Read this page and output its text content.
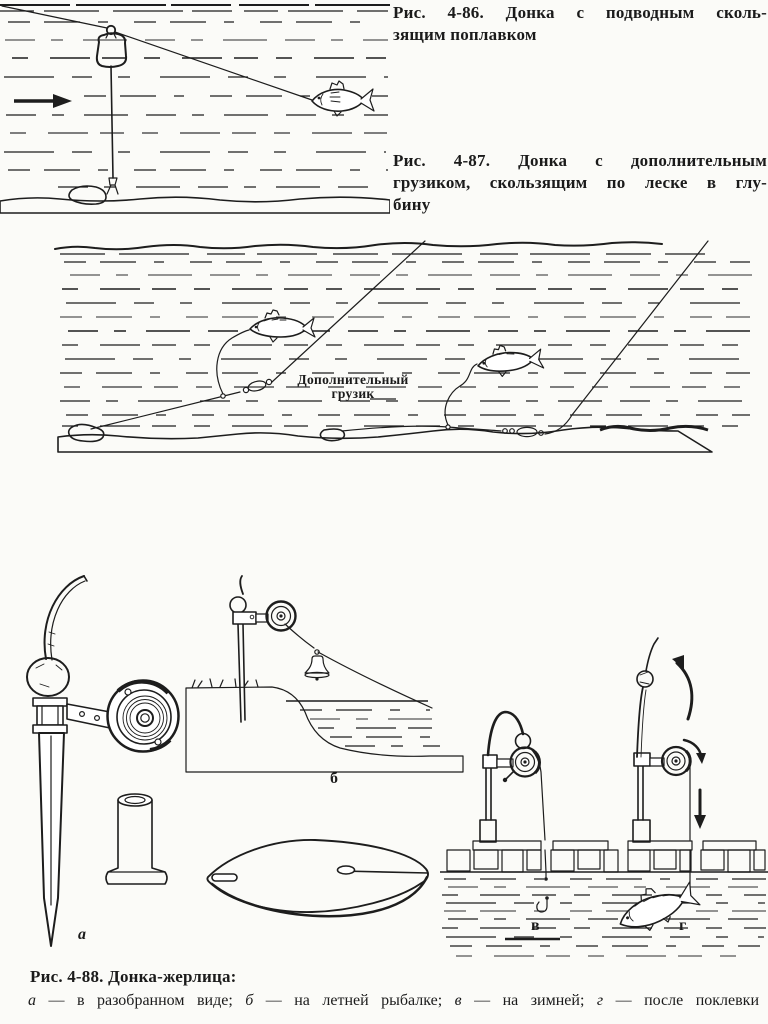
Рис. 4-86. Донка с подводным сколь-
зящим поплавком
Рис. 4-87. Донка с дополнительным
грузиком, скользящим по леске в глу-
бину
Дополнительный
грузик
а
б
в	г
Рис. 4-88. Донка-жерлица:
а — в разобранном виде; б — на летней рыбалке; в — на зимней; г — после поклевки
